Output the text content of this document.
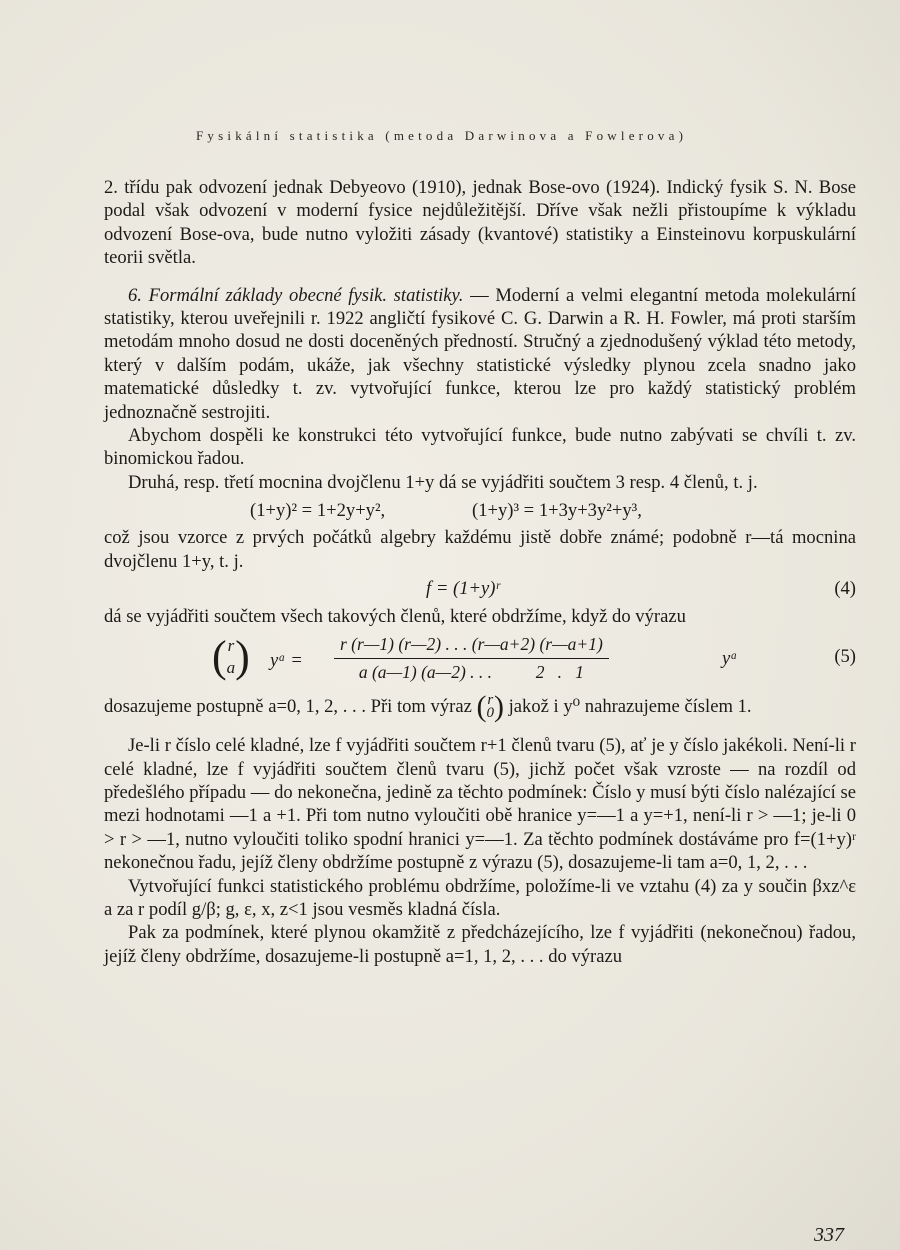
Fysikální statistika (metoda Darwinova a Fowlerova)

2. třídu pak odvození jednak Debyeovo (1910), jednak Bose-ovo (1924). Indický fysik S. N. Bose podal však odvození v moderní fysice nejdůležitější. Dříve však nežli přistoupíme k výkladu odvození Bose-ova, bude nutno vyložiti zásady (kvantové) statistiky a Einsteinovu korpuskulární teorii světla.

6. Formální základy obecné fysik. statistiky. — Moderní a velmi elegantní metoda molekulární statistiky, kterou uveřejnili r. 1922 angličtí fysikové C. G. Darwin a R. H. Fowler, má proti starším metodám mnoho dosud ne dosti doceněných předností. Stručný a zjednodušený výklad této metody, který v dalším podám, ukáže, jak všechny statistické výsledky plynou zcela snadno jako matematické důsledky t. zv. vytvořující funkce, kterou lze pro každý statistický problém jednoznačně sestrojiti.

Abychom dospěli ke konstrukci této vytvořující funkce, bude nutno zabývati se chvíli t. zv. binomickou řadou.

Druhá, resp. třetí mocnina dvojčlenu 1+y dá se vyjádřiti součtem 3 resp. 4 členů, t. j.

(1+y)² = 1+2y+y²,	(1+y)³ = 1+3y+3y²+y³,

což jsou vzorce z prvých počátků algebry každému jistě dobře známé; podobně r—tá mocnina dvojčlenu 1+y, t. j.

f = (1+y)ʳ	(4)

dá se vyjádřiti součtem všech takových členů, které obdržíme, když do výrazu

(r
a) yᵃ = $\frac{r (r—1) (r—2) . . . (r—a+2) (r—a+1)}{a (a—1) (a—2) . . . 2 . 1}$	yᵃ	(5)

dosazujeme postupně a=0, 1, 2, . . . Při tom výraz (r
0) jakož i y⁰ nahrazujeme číslem 1.

Je-li r číslo celé kladné, lze f vyjádřiti součtem r+1 členů tvaru (5), ať je y číslo jakékoli. Není-li r celé kladné, lze f vyjádřiti součtem členů tvaru (5), jichž počet však vzroste — na rozdíl od předešlého případu — do nekonečna, jedině za těchto podmínek: Číslo y musí býti číslo nalézající se mezi hodnotami —1 a +1. Při tom nutno vyloučiti obě hranice y=—1 a y=+1, není-li r > —1; je-li 0 > r > —1, nutno vyloučiti toliko spodní hranici y=—1. Za těchto podmínek dostáváme pro f=(1+y)ʳ nekonečnou řadu, jejíž členy obdržíme postupně z výrazu (5), dosazujeme-li tam a=0, 1, 2, . . .

Vytvořující funkci statistického problému obdržíme, položíme-li ve vztahu (4) za y součin βxz^ε a za r podíl g/β; g, ε, x, z<1 jsou vesměs kladná čísla.

Pak za podmínek, které plynou okamžitě z předcházejícího, lze f vyjádřiti (nekonečnou) řadou, jejíž členy obdržíme, dosazujeme-li postupně a=1, 1, 2, . . . do výrazu

337
